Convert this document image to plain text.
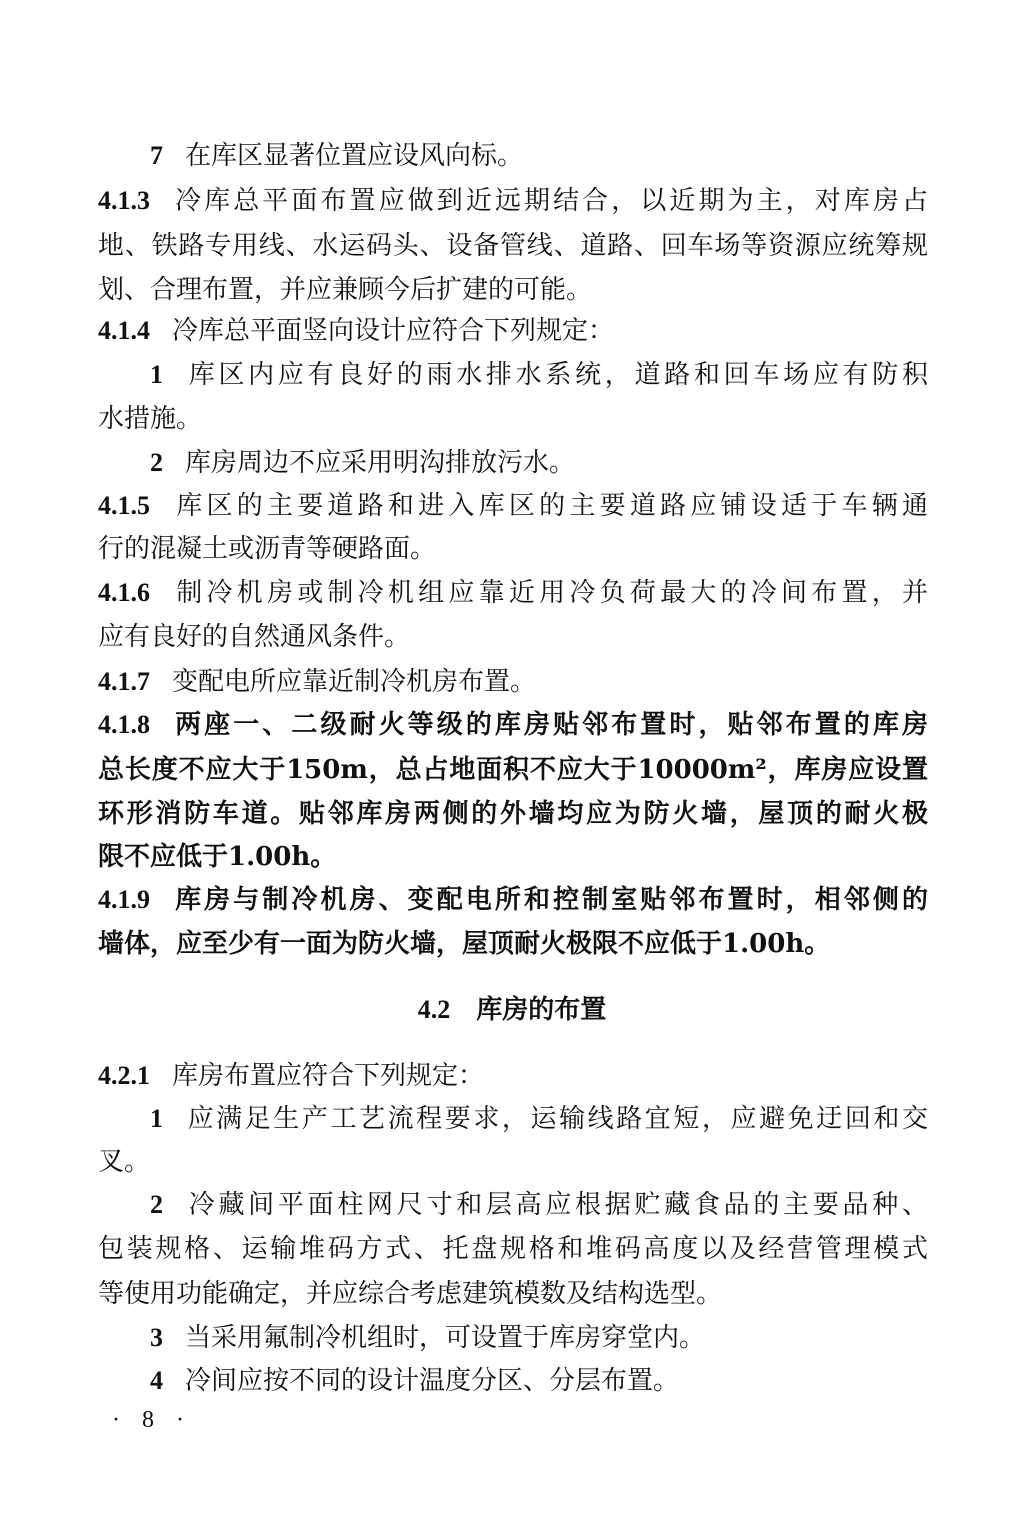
7 在库区显著位置应设风向标。
4.1.3 冷库总平面布置应做到近远期结合，以近期为主，对库房占
地、铁路专用线、水运码头、设备管线、道路、回车场等资源应统筹规
划、合理布置，并应兼顾今后扩建的可能。
4.1.4 冷库总平面竖向设计应符合下列规定：
1 库区内应有良好的雨水排水系统，道路和回车场应有防积
水措施。
2 库房周边不应采用明沟排放污水。
4.1.5 库区的主要道路和进入库区的主要道路应铺设适于车辆通
行的混凝土或沥青等硬路面。
4.1.6 制冷机房或制冷机组应靠近用冷负荷最大的冷间布置，并
应有良好的自然通风条件。
4.1.7 变配电所应靠近制冷机房布置。
4.1.8 两座一、二级耐火等级的库房贴邻布置时，贴邻布置的库房
总长度不应大于150m，总占地面积不应大于10000m²，库房应设置
环形消防车道。贴邻库房两侧的外墙均应为防火墙，屋顶的耐火极
限不应低于1.00h。
4.1.9 库房与制冷机房、变配电所和控制室贴邻布置时，相邻侧的
墙体，应至少有一面为防火墙，屋顶耐火极限不应低于1.00h。
4.2 库房的布置
4.2.1 库房布置应符合下列规定：
1 应满足生产工艺流程要求，运输线路宜短，应避免迂回和交
叉。
2 冷藏间平面柱网尺寸和层高应根据贮藏食品的主要品种、
包装规格、运输堆码方式、托盘规格和堆码高度以及经营管理模式
等使用功能确定，并应综合考虑建筑模数及结构选型。
3 当采用氟制冷机组时，可设置于库房穿堂内。
4 冷间应按不同的设计温度分区、分层布置。
· 8 ·
